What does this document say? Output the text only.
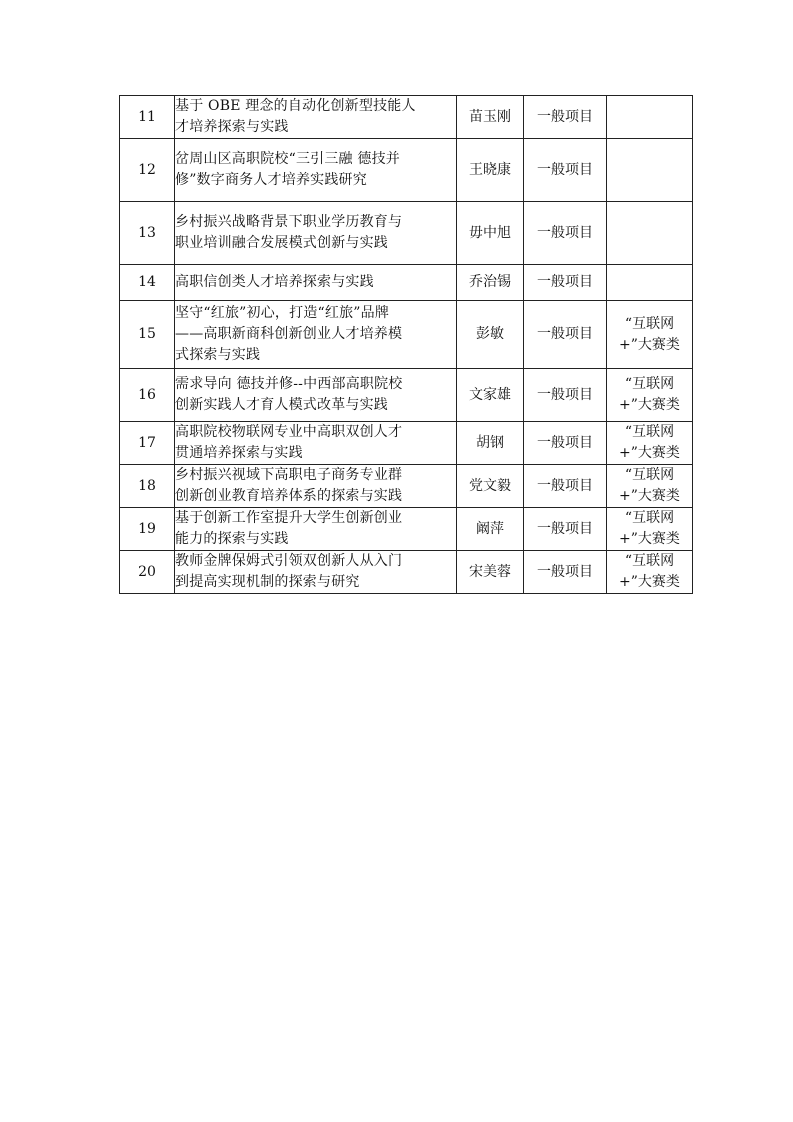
11	基于 OBE 理念的自动化创新型技能人
才培养探索与实践	苗玉刚	一般项目	

12	岔周山区高职院校“三引三融 德技并
修”数字商务人才培养实践研究	王晓康	一般项目	

13	乡村振兴战略背景下职业学历教育与
职业培训融合发展模式创新与实践	毋中旭	一般项目	

14	高职信创类人才培养探索与实践	乔治锡	一般项目	

15	坚守“红旅”初心，打造“红旅”品牌
——高职新商科创新创业人才培养模
式探索与实践	彭敏	一般项目	“互联网
+”大赛类

16	需求导向 德技并修--中西部高职院校
创新实践人才育人模式改革与实践	文家雄	一般项目	“互联网
+”大赛类

17	高职院校物联网专业中高职双创人才
贯通培养探索与实践	胡钢	一般项目	“互联网
+”大赛类

18	乡村振兴视域下高职电子商务专业群
创新创业教育培养体系的探索与实践	党文毅	一般项目	“互联网
+”大赛类

19	基于创新工作室提升大学生创新创业
能力的探索与实践	阚萍	一般项目	“互联网
+”大赛类

20	教师金牌保姆式引领双创新人从入门
到提高实现机制的探索与研究	宋美蓉	一般项目	“互联网
+”大赛类
